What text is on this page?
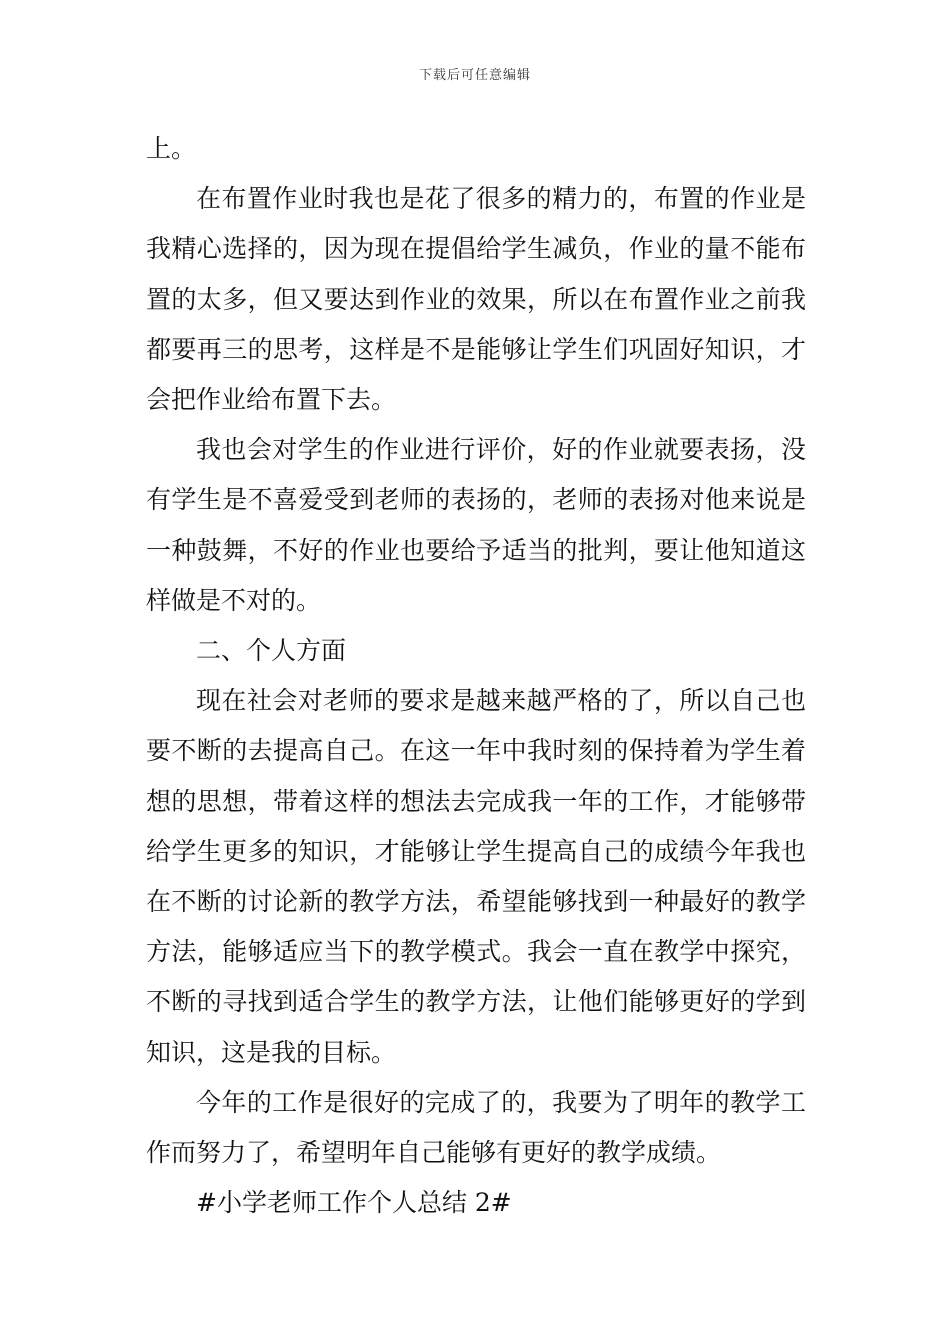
下载后可任意编辑

上。

在布置作业时我也是花了很多的精力的，布置的作业是我精心选择的，因为现在提倡给学生减负，作业的量不能布置的太多，但又要达到作业的效果，所以在布置作业之前我都要再三的思考，这样是不是能够让学生们巩固好知识，才会把作业给布置下去。

我也会对学生的作业进行评价，好的作业就要表扬，没有学生是不喜爱受到老师的表扬的，老师的表扬对他来说是一种鼓舞，不好的作业也要给予适当的批判，要让他知道这样做是不对的。

二、个人方面

现在社会对老师的要求是越来越严格的了，所以自己也要不断的去提高自己。在这一年中我时刻的保持着为学生着想的思想，带着这样的想法去完成我一年的工作，才能够带给学生更多的知识，才能够让学生提高自己的成绩今年我也在不断的讨论新的教学方法，希望能够找到一种最好的教学方法，能够适应当下的教学模式。我会一直在教学中探究，不断的寻找到适合学生的教学方法，让他们能够更好的学到知识，这是我的目标。

今年的工作是很好的完成了的，我要为了明年的教学工作而努力了，希望明年自己能够有更好的教学成绩。

#小学老师工作个人总结 2#
